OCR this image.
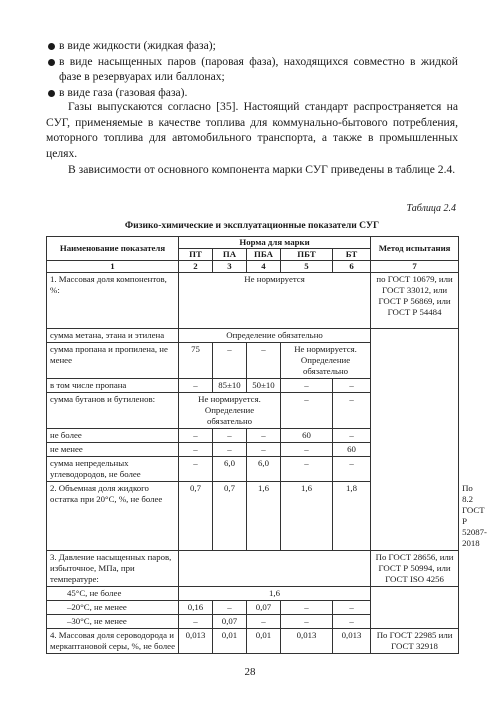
в виде жидкости (жидкая фаза);
в виде насыщенных паров (паровая фаза), находящихся совместно в жидкой фазе в резервуарах или баллонах;
в виде газа (газовая фаза).
Газы выпускаются согласно [35]. Настоящий стандарт распространяется на СУГ, применяемые в качестве топлива для коммунально-бытового потребления, моторного топлива для автомобильного транспорта, а также в промышленных целях.
В зависимости от основного компонента марки СУГ приведены в таблице 2.4.
Таблица 2.4
Физико-химические и эксплуатационные показатели СУГ
Наименование показателя	Норма для марки					Метод испытания	
	ПТ	ПА	ПБА	ПБТ	БТ		
1	2	3	4	5	6	7	
1. Массовая доля компонентов, %:	Не нормируется					по ГОСТ 10679, или ГОСТ 33012, или ГОСТ Р 56869, или ГОСТ Р 54484	
сумма метана, этана и этилена	Определение обязательно						
сумма пропана и пропилена, не менее	75	–	–	Не нормируется. Определение обязательно			
в том числе пропана	–	85±10	50±10	–	–		
сумма бутанов и бутиленов:	Не нормируется. Определение обязательно			–	–		
не более	–	–	–	60	–		
не менее	–	–	–	–	60		
сумма непредельных углеводородов, не более	–	6,0	6,0	–	–		
2. Объемная доля жидкого остатка при 20°С, %, не более	0,7	0,7	1,6	1,6	1,8		По 8.2 ГОСТ Р 52087-2018
3. Давление насыщенных паров, избыточное, МПа, при температуре:						По ГОСТ 28656, или ГОСТ Р 50994, или ГОСТ ISO 4256	
45°С, не более	1,6						
–20°С, не менее	0,16	–	0,07	–	–		
–30°С, не менее	–	0,07	–	–	–		
4. Массовая доля сероводорода и меркаптановой серы, %, не более	0,013	0,01	0,01	0,013	0,013	По ГОСТ 22985 или ГОСТ 32918	
28
